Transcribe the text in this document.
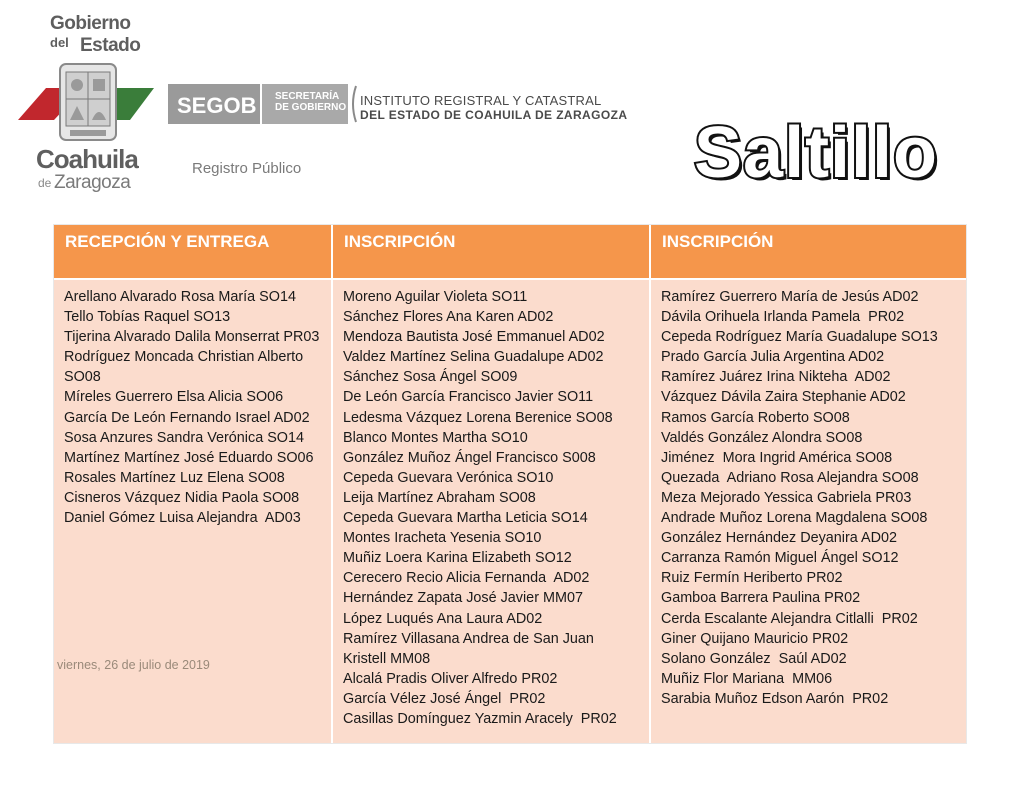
Gobierno
del Estado
Coahuila
de Zaragoza
Registro Público
SEGOB SECRETARÍA
DE GOBIERNO INSTITUTO REGISTRAL Y CATASTRAL
DEL ESTADO DE COAHUILA DE ZARAGOZA Saltillo
RECEPCIÓN Y ENTREGA
Arellano Alvarado Rosa María SO14
Tello Tobías Raquel SO13
Tijerina Alvarado Dalila Monserrat PR03
Rodríguez Moncada Christian Alberto SO08
Míreles Guerrero Elsa Alicia SO06
García De León Fernando Israel AD02
Sosa Anzures Sandra Verónica SO14
Martínez Martínez José Eduardo SO06
Rosales Martínez Luz Elena SO08
Cisneros Vázquez Nidia Paola SO08
Daniel Gómez Luisa Alejandra  AD03
INSCRIPCIÓN
Moreno Aguilar Violeta SO11
Sánchez Flores Ana Karen AD02
Mendoza Bautista José Emmanuel AD02
Valdez Martínez Selina Guadalupe AD02
Sánchez Sosa Ángel SO09
De León García Francisco Javier SO11
Ledesma Vázquez Lorena Berenice SO08
Blanco Montes Martha SO10
González Muñoz Ángel Francisco S008
Cepeda Guevara Verónica SO10
Leija Martínez Abraham SO08
Cepeda Guevara Martha Leticia SO14
Montes Iracheta Yesenia SO10
Muñiz Loera Karina Elizabeth SO12
Cerecero Recio Alicia Fernanda  AD02
Hernández Zapata José Javier MM07
López Luqués Ana Laura AD02
Ramírez Villasana Andrea de San Juan
Kristell MM08
Alcalá Pradis Oliver Alfredo PR02
García Vélez José Ángel  PR02
Casillas Domínguez Yazmin Aracely  PR02
INSCRIPCIÓN
Ramírez Guerrero María de Jesús AD02
Dávila Orihuela Irlanda Pamela  PR02
Cepeda Rodríguez María Guadalupe SO13
Prado García Julia Argentina AD02
Ramírez Juárez Irina Nikteha  AD02
Vázquez Dávila Zaira Stephanie AD02
Ramos García Roberto SO08
Valdés González Alondra SO08
Jiménez  Mora Ingrid América SO08
Quezada  Adriano Rosa Alejandra SO08
Meza Mejorado Yessica Gabriela PR03
Andrade Muñoz Lorena Magdalena SO08
González Hernández Deyanira AD02
Carranza Ramón Miguel Ángel SO12
Ruiz Fermín Heriberto PR02
Gamboa Barrera Paulina PR02
Cerda Escalante Alejandra Citlalli  PR02
Giner Quijano Mauricio PR02
Solano González  Saúl AD02
Muñiz Flor Mariana  MM06
Sarabia Muñoz Edson Aarón  PR02
viernes, 26 de julio de 2019
